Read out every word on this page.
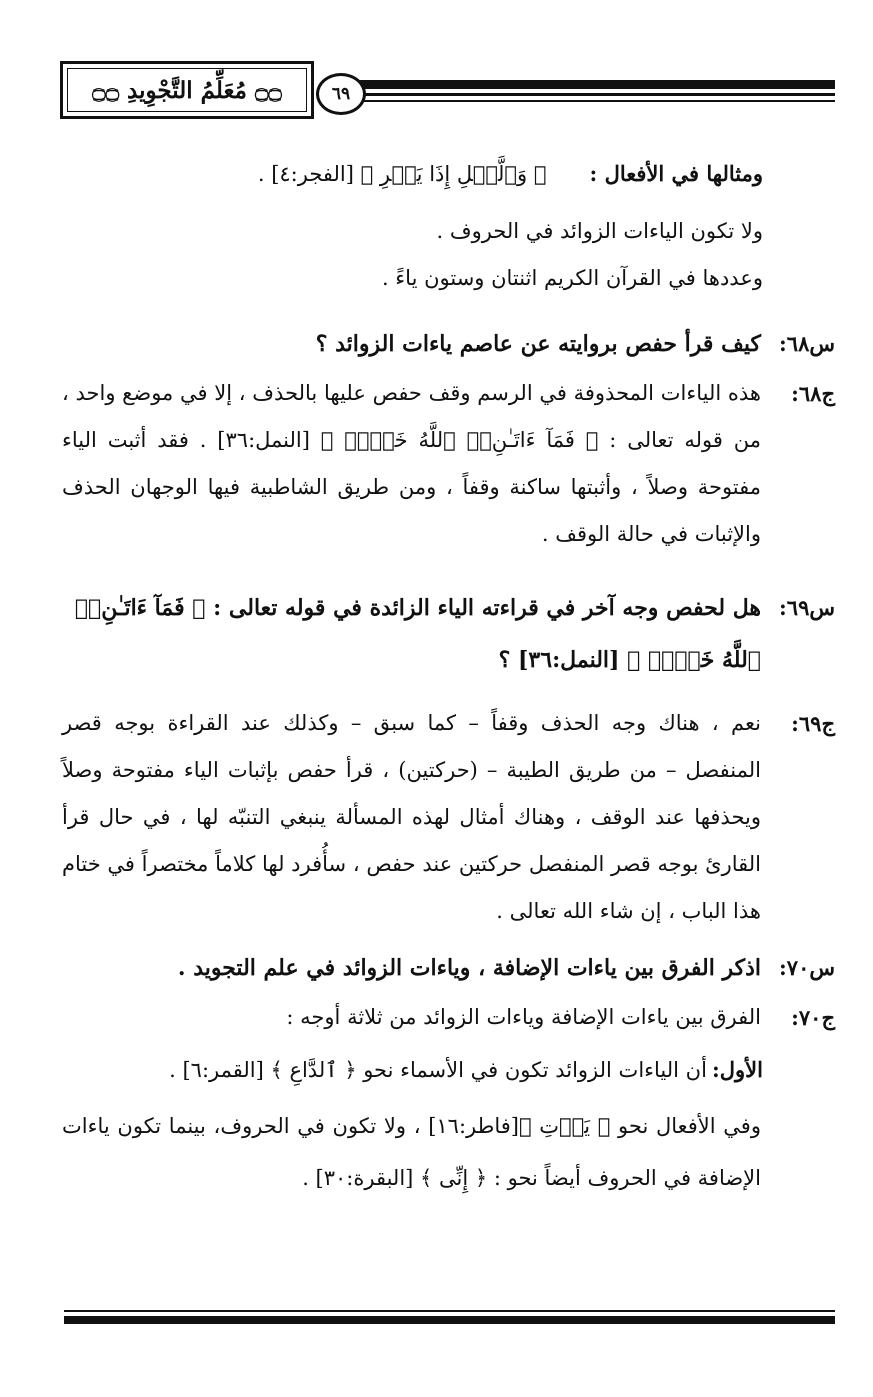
٦٩
۝۝ مُعَلِّمُ التَّجْوِيدِ ۝۝
ومثالها في الأفعال : ﴿ وَٱلَّيۡلِ إِذَا يَسۡرِ ﴾ [الفجر:٤] .
ولا تكون الياءات الزوائد في الحروف .
وعددها في القرآن الكريم اثنتان وستون ياءً .
س٦٨:
كيف قرأ حفص بروايته عن عاصم ياءات الزوائد ؟
ج٦٨:
هذه الياءات المحذوفة في الرسم وقف حفص عليها بالحذف ، إلا في موضع واحد ، من قوله تعالى : ﴿ فَمَآ ءَاتَـٰنِۦَ ٱللَّهُ خَيۡرٞ ﴾ [النمل:٣٦] . فقد أثبت الياء مفتوحة وصلاً ، وأثبتها ساكنة وقفاً ، ومن طريق الشاطبية فيها الوجهان الحذف والإثبات في حالة الوقف .
س٦٩:
هل لحفص وجه آخر في قراءته الياء الزائدة في قوله تعالى : ﴿ فَمَآ ءَاتَـٰنِۦَ ٱللَّهُ خَيۡرٞ ﴾ [النمل:٣٦] ؟
ج٦٩:
نعم ، هناك وجه الحذف وقفاً – كما سبق – وكذلك عند القراءة بوجه قصر المنفصل – من طريق الطيبة – (حركتين) ، قرأ حفص بإثبات الياء مفتوحة وصلاً ويحذفها عند الوقف ، وهناك أمثال لهذه المسألة ينبغي التنبّه لها ، في حال قرأ القارئ بوجه قصر المنفصل حركتين عند حفص ، سأُفرد لها كلاماً مختصراً في ختام هذا الباب ، إن شاء الله تعالى .
س٧٠:
اذكر الفرق بين ياءات الإضافة ، وياءات الزوائد في علم التجويد .
ج٧٠:
الفرق بين ياءات الإضافة وياءات الزوائد من ثلاثة أوجه :
الأول: أن الياءات الزوائد تكون في الأسماء نحو ﴿ ٱلدَّاعِ ﴾ [القمر:٦] .
وفي الأفعال نحو ﴿ يَأۡتِ ﴾[فاطر:١٦] ، ولا تكون في الحروف، بينما تكون ياءات الإضافة في الحروف أيضاً نحو : ﴿ إِنِّى ﴾ [البقرة:٣٠] .
